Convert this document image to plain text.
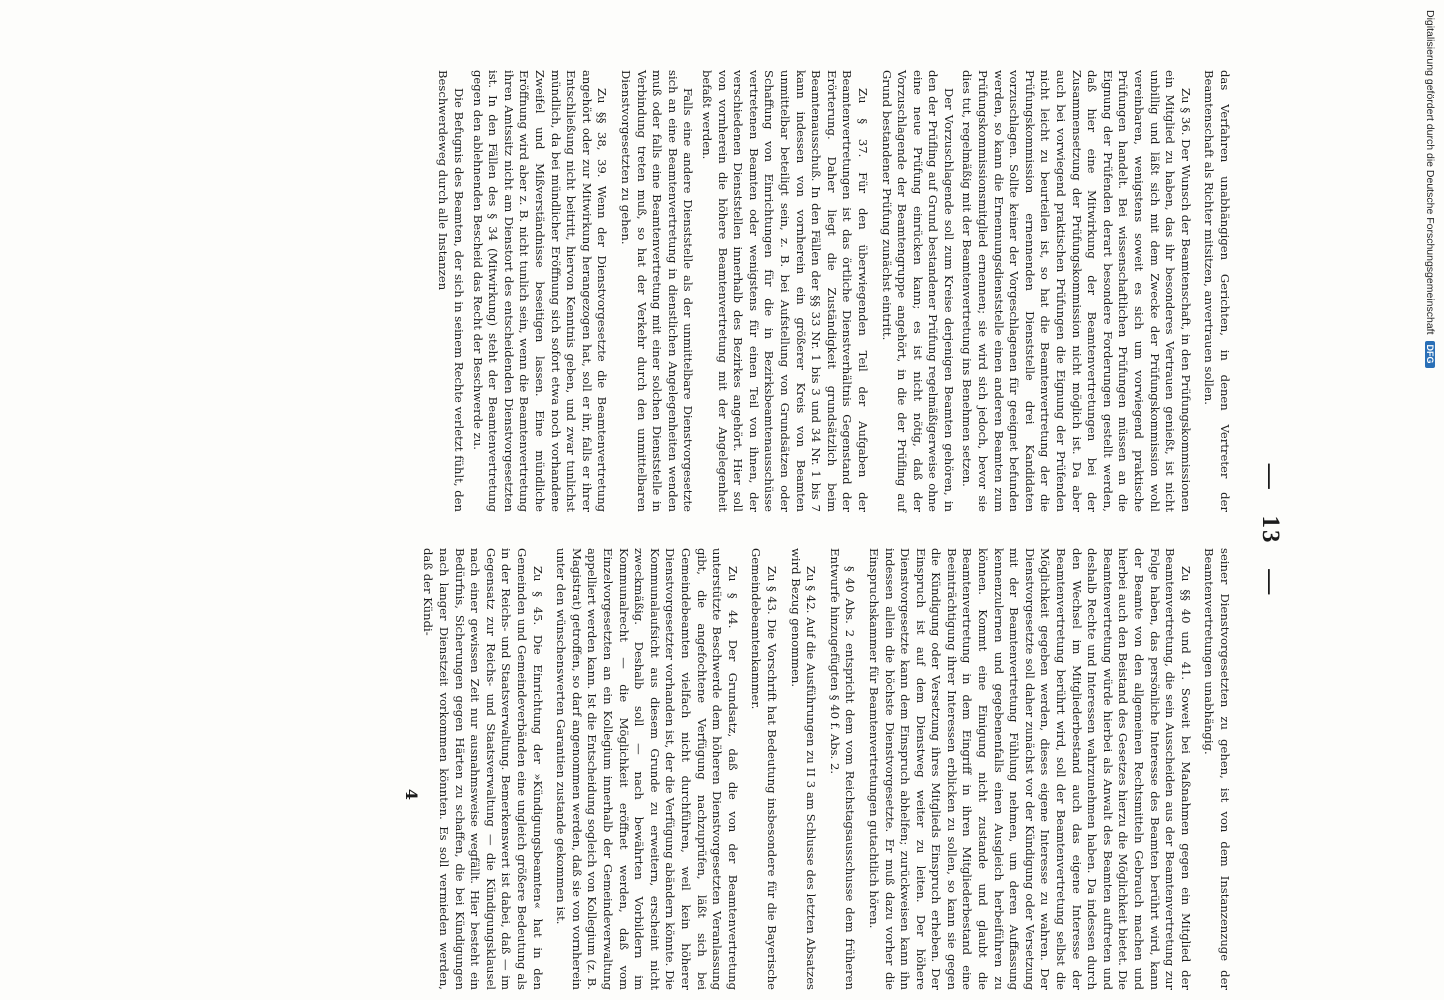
—   13   —

das Verfahren unabhängigen Gerichten, in denen Vertreter der Beamtenschaft als Richter mitsitzen, anvertrauen sollen.

Zu § 36. Der Wunsch der Beamtenschaft, in den Prüfungskommissionen ein Mitglied zu haben, das ihr besonderes Vertrauen genießt, ist nicht unbillig und läßt sich mit dem Zwecke der Prüfungskommission wohl vereinbaren, wenigstens soweit es sich um vorwiegend praktische Prüfungen handelt. Bei wissenschaftlichen Prüfungen müssen an die Eignung der Prüfenden derart besondere Forderungen gestellt werden, daß hier eine Mitwirkung der Beamtenvertretungen bei der Zusammensetzung der Prüfungskommission nicht möglich ist. Da aber auch bei vorwiegend praktischen Prüfungen die Eignung der Prüfenden nicht leicht zu beurteilen ist, so hat die Beamtenvertretung der die Prüfungskommission ernennenden Dienststelle drei Kandidaten vorzuschlagen. Sollte keiner der Vorgeschlagenen für geeignet befunden werden, so kann die Ernennungsdienststelle einen anderen Beamten zum Prüfungskommissionsmitglied ernennen; sie wird sich jedoch, bevor sie dies tut, regelmäßig mit der Beamtenvertretung ins Benehmen setzen.

Der Vorzuschlagende soll zum Kreise derjenigen Beamten gehören, in den der Prüfling auf Grund bestandener Prüfung regelmäßigerweise ohne eine neue Prüfung einrücken kann; es ist nicht nötig, daß der Vorzuschlagende der Beamtengruppe angehört, in die der Prüfling auf Grund bestandener Prüfung zunächst eintritt.

Zu § 37. Für den überwiegenden Teil der Aufgaben der Beamtenvertretungen ist das örtliche Dienstverhältnis Gegenstand der Erörterung. Daher liegt die Zuständigkeit grundsätzlich beim Beamtenausschuß. In den Fällen der §§ 33 Nr. 1 bis 3 und 34 Nr. 1 bis 7 kann indessen von vornherein ein größerer Kreis von Beamten unmittelbar beteiligt sein, z. B. bei Aufstellung von Grundsätzen oder Schaffung von Einrichtungen für die in Bezirksbeamtenausschüsse vertretenen Beamten oder wenigstens für einen Teil von ihnen, der verschiedenen Dienststellen innerhalb des Bezirkes angehört. Hier soll von vornherein die höhere Beamtenvertretung mit der Angelegenheit befaßt werden.

Falls eine andere Dienststelle als der unmittelbare Dienstvorgesetzte sich an eine Beamtenvertretung in dienstlichen Angelegenheiten wenden muß oder falls eine Beamtenvertretung mit einer solchen Dienststelle in Verbindung treten muß, so hat der Verkehr durch den unmittelbaren Dienstvorgesetzten zu gehen.

Zu §§ 38, 39. Wenn der Dienstvorgesetzte die Beamtenvertretung angehört oder zur Mitwirkung herangezogen hat, soll er ihr, falls er ihrer Entschließung nicht beitritt, hiervon Kenntnis geben, und zwar tunlichst mündlich, da bei mündlicher Eröffnung sich sofort etwa noch vorhandene Zweifel und Mißverständnisse beseitigen lassen. Eine mündliche Eröffnung wird aber z. B. nicht tunlich sein, wenn die Beamtenvertretung ihren Amtssitz nicht am Dienstort des entscheidenden Dienstvorgesetzten ist. In den Fällen des § 34 (Mitwirkung) steht der Beamtenvertretung gegen den ablehnenden Bescheid das Recht der Beschwerde zu.

Die Befugnis des Beamten, der sich in seinem Rechte verletzt fühlt, den Beschwerdeweg durch alle Instanzen

seiner Dienstvorgesetzten zu gehen, ist von dem Instanzenzuge der Beamtenvertretungen unabhängig.

Zu §§ 40 und 41. Soweit bei Maßnahmen gegen ein Mitglied der Beamtenvertretung, die sein Ausscheiden aus der Beamtenvertretung zur Folge haben, das persönliche Interesse des Beamten berührt wird, kann der Beamte von den allgemeinen Rechtsmitteln Gebrauch machen und hierbei auch den Beistand des Gesetzes hierzu die Möglichkeit bietet. Die Beamtenvertretung würde hierbei als Anwalt des Beamten auftreten und deshalb Rechte und Interessen wahrzunehmen haben. Da indessen durch den Wechsel im Mitgliederbestand auch das eigene Interesse der Beamtenvertretung berührt wird, soll der Beamtenvertretung selbst die Möglichkeit gegeben werden, dieses eigene Interesse zu wahren. Der Dienstvorgesetzte soll daher zunächst vor der Kündigung oder Versetzung mit der Beamtenvertretung Fühlung nehmen, um deren Auffassung kennenzulernen und gegebenenfalls einen Ausgleich herbeiführen zu können. Kommt eine Einigung nicht zustande und glaubt die Beamtenvertretung in dem Eingriff in ihren Mitgliederbestand eine Beeinträchtigung ihrer Interessen erblicken zu sollen, so kann sie gegen die Kündigung oder Versetzung ihres Mitglieds Einspruch erheben. Der Einspruch ist auf dem Dienstweg weiter zu leiten. Der höhere Dienstvorgesetzte kann dem Einspruch abhelfen; zurückweisen kann ihn indessen allein die höchste Dienstvorgesetzte. Er muß dazu vorher die Einspruchskammer für Beamtenvertretungen gutachtlich hören.

§ 40 Abs. 2 entspricht dem vom Reichstagsausschusse dem früheren Entwurfe hinzugefügten § 40 f. Abs. 2.

Zu § 42. Auf die Ausführungen zu II 3 am Schlusse des letzten Absatzes wird Bezug genommen.

Zu § 43. Die Vorschrift hat Bedeutung insbesondere für die Bayerische Gemeindebeamtenkammer.

Zu § 44. Der Grundsatz, daß die von der Beamtenvertretung unterstützte Beschwerde dem höheren Dienstvorgesetzten Veranlassung gibt, die angefochtene Verfügung nachzuprüfen, läßt sich bei Gemeindebeamten vielfach nicht durchführen, weil kein höherer Dienstvorgesetzter vorhanden ist, der die Verfügung abändern könnte. Die Kommunalaufsicht aus diesem Grunde zu erweitern, erscheint nicht zweckmäßig. Deshalb soll — nach bewährten Vorbildern im Kommunalrecht — die Möglichkeit eröffnet werden, daß vom Einzelvorgesetzten an ein Kollegium innerhalb der Gemeindeverwaltung appelliert werden kann. Ist die Entscheidung sogleich von Kollegium (z. B. Magistrat) getroffen, so darf angenommen werden, daß sie von vornherein unter den wünschenswerten Garantien zustande gekommen ist.

Zu § 45. Die Einrichtung der »Kündigungsbeamten« hat in den Gemeinden und Gemeindeverbänden eine ungleich größere Bedeutung als in der Reichs- und Staatsverwaltung. Bemerkenswert ist dabei, daß — im Gegensatz zur Reichs- und Staatsverwaltung — die Kündigungsklausel nach einer gewissen Zeit nur ausnahmsweise wegfällt. Hier besteht ein Bedürfnis, Sicherungen gegen Härten zu schaffen, die bei Kündigungen nach langer Dienstzeit vorkommen könnten. Es soll vermieden werden, daß der Kündi-

4
Digitalisierung gefördert durch die Deutsche ForschungsgemeinschaftDFG
